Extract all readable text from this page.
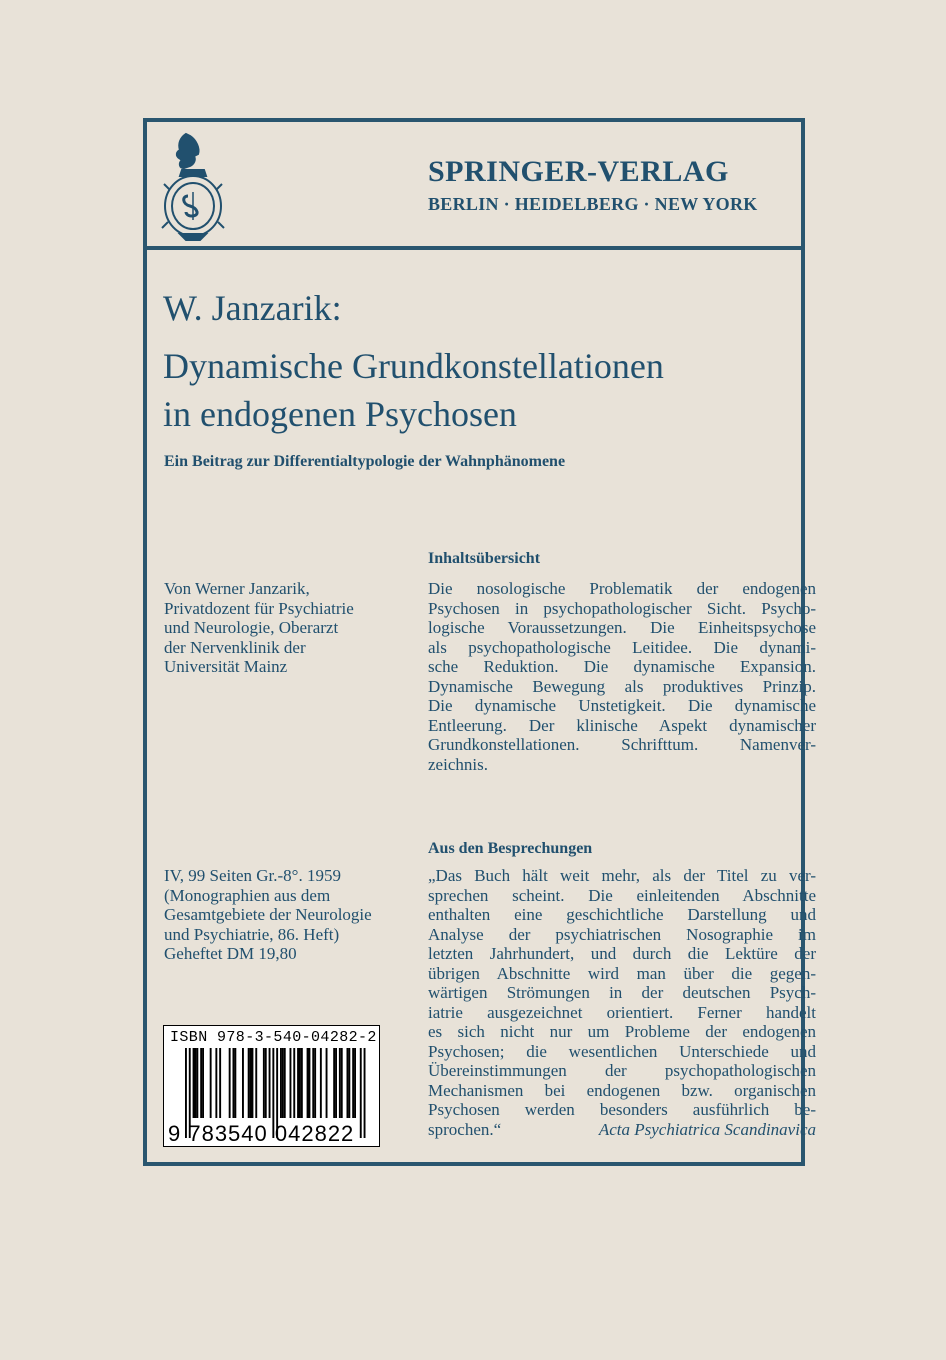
SPRINGER-VERLAG
BERLIN · HEIDELBERG · NEW YORK
W. Janzarik:
Dynamische Grundkonstellationen
in endogenen Psychosen
Ein Beitrag zur Differentialtypologie der Wahnphänomene
Von Werner Janzarik,
Privatdozent für Psychiatrie
und Neurologie, Oberarzt
der Nervenklinik der
Universität Mainz
Inhaltsübersicht
Die nosologische Problematik der endogenen
Psychosen in psychopathologischer Sicht. Psycho-
logische Voraussetzungen. Die Einheitspsychose
als psychopathologische Leitidee. Die dynami-
sche Reduktion. Die dynamische Expansion.
Dynamische Bewegung als produktives Prinzip.
Die dynamische Unstetigkeit. Die dynamische
Entleerung. Der klinische Aspekt dynamischer
Grundkonstellationen. Schrifttum. Namenver-
zeichnis.
IV, 99 Seiten Gr.-8°. 1959
(Monographien aus dem
Gesamtgebiete der Neurologie
und Psychiatrie, 86. Heft)
Geheftet DM 19,80
Aus den Besprechungen
„Das Buch hält weit mehr, als der Titel zu ver-
sprechen scheint. Die einleitenden Abschnitte
enthalten eine geschichtliche Darstellung und
Analyse der psychiatrischen Nosographie im
letzten Jahrhundert, und durch die Lektüre der
übrigen Abschnitte wird man über die gegen-
wärtigen Strömungen in der deutschen Psych-
iatrie ausgezeichnet orientiert. Ferner handelt
es sich nicht nur um Probleme der endogenen
Psychosen; die wesentlichen Unterschiede und
Übereinstimmungen der psychopathologischen
Mechanismen bei endogenen bzw. organischen
Psychosen werden besonders ausführlich be-
sprochen.“	Acta Psychiatrica Scandinavica
ISBN 978-3-540-04282-2
9 783540 042822
